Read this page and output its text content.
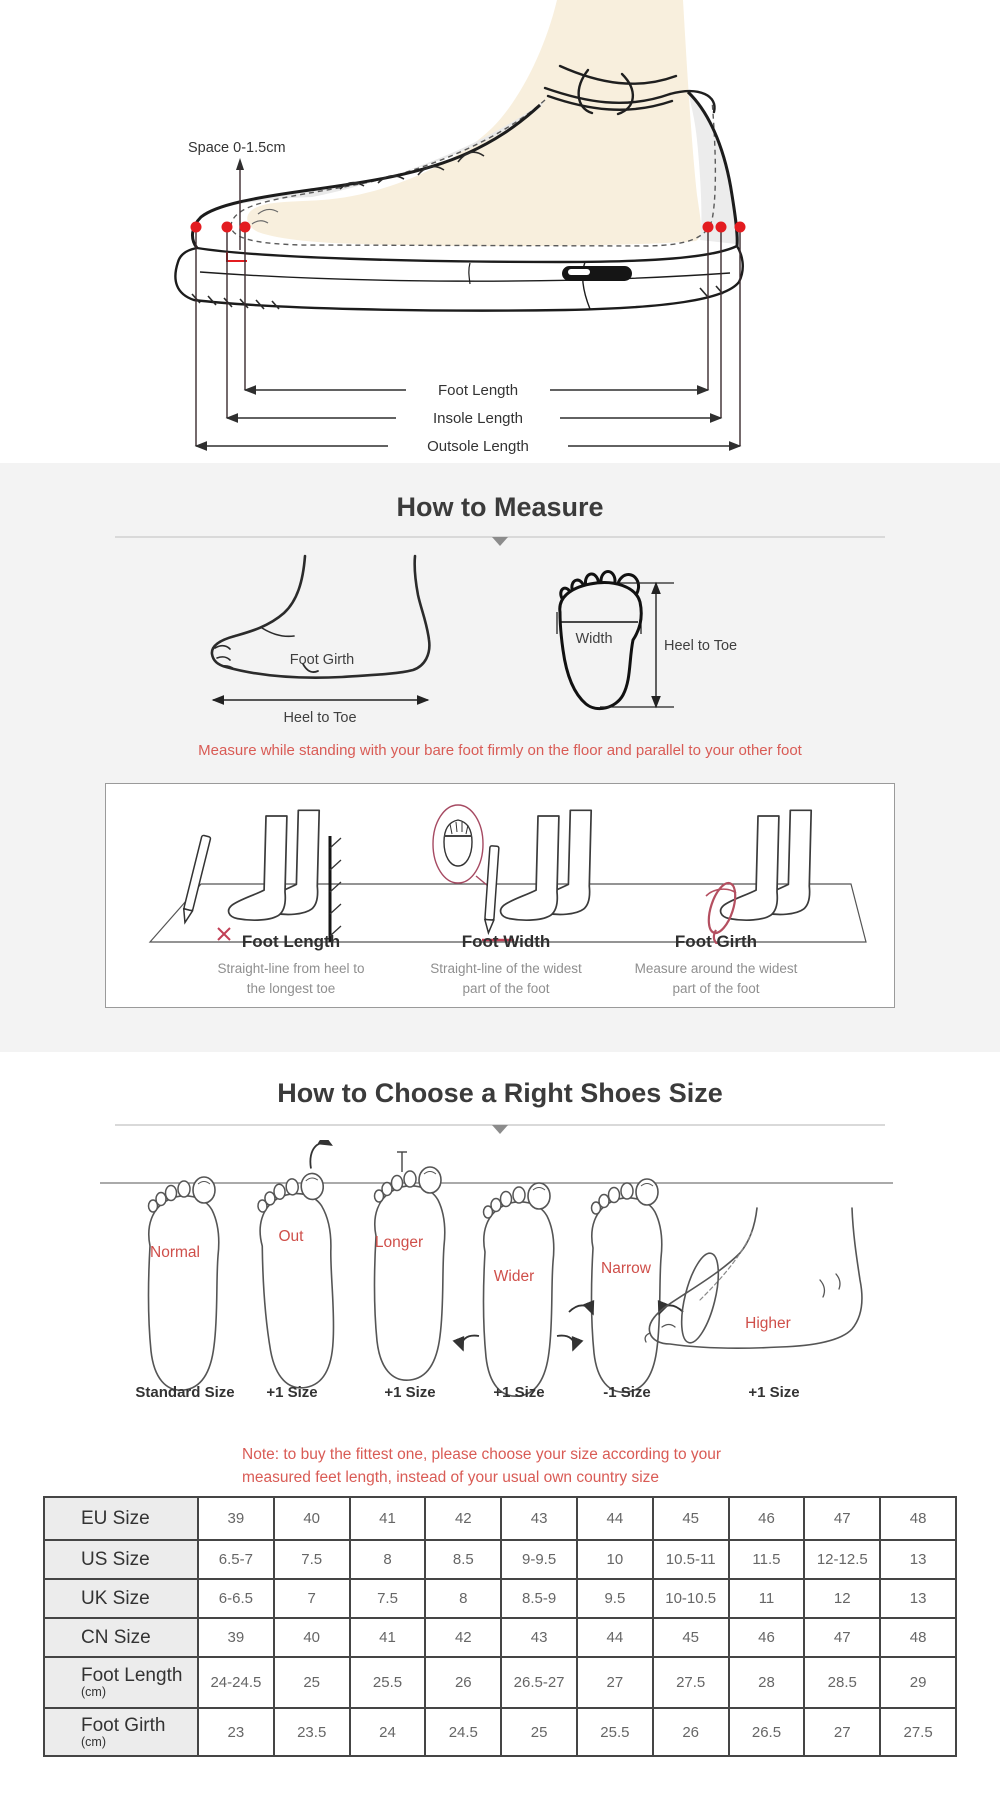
Space 0-1.5cm
Foot Length
Insole Length
Outsole Length
How to Measure
Foot Girth
Heel to Toe
Width	Heel to Toe
Measure while standing with your bare foot firmly on the floor and parallel to your other foot
Foot Length
Straight-line from heel to
the longest toe
Foot Width
Straight-line of the widest
part of the foot
Foot Girth
Measure around the widest
part of the foot
How to Choose a Right Shoes Size
Normal
Out	Longer
Wider	Narrow
Higher
Standard Size +1 Size	+1 Size	+1 Size	-1 Size	+1 Size
Note: to buy the fittest one, please choose your size according to your
measured feet length, instead of your usual own country size
EU Size	39	40	41	42	43	44	45	46	47	48

US Size	6.5-7	7.5	8	8.5	9-9.5	10	10.5-11	11.5	12-12.5	13

UK Size	6-6.5	7	7.5	8	8.5-9	9.5	10-10.5	11	12	13

CN Size	39	40	41	42	43	44	45	46	47	48

Foot Length
(cm)	24-24.5	25	25.5	26	26.5-27	27	27.5	28	28.5	29

Foot Girth
(cm)	23	23.5	24	24.5	25	25.5	26	26.5	27	27.5
